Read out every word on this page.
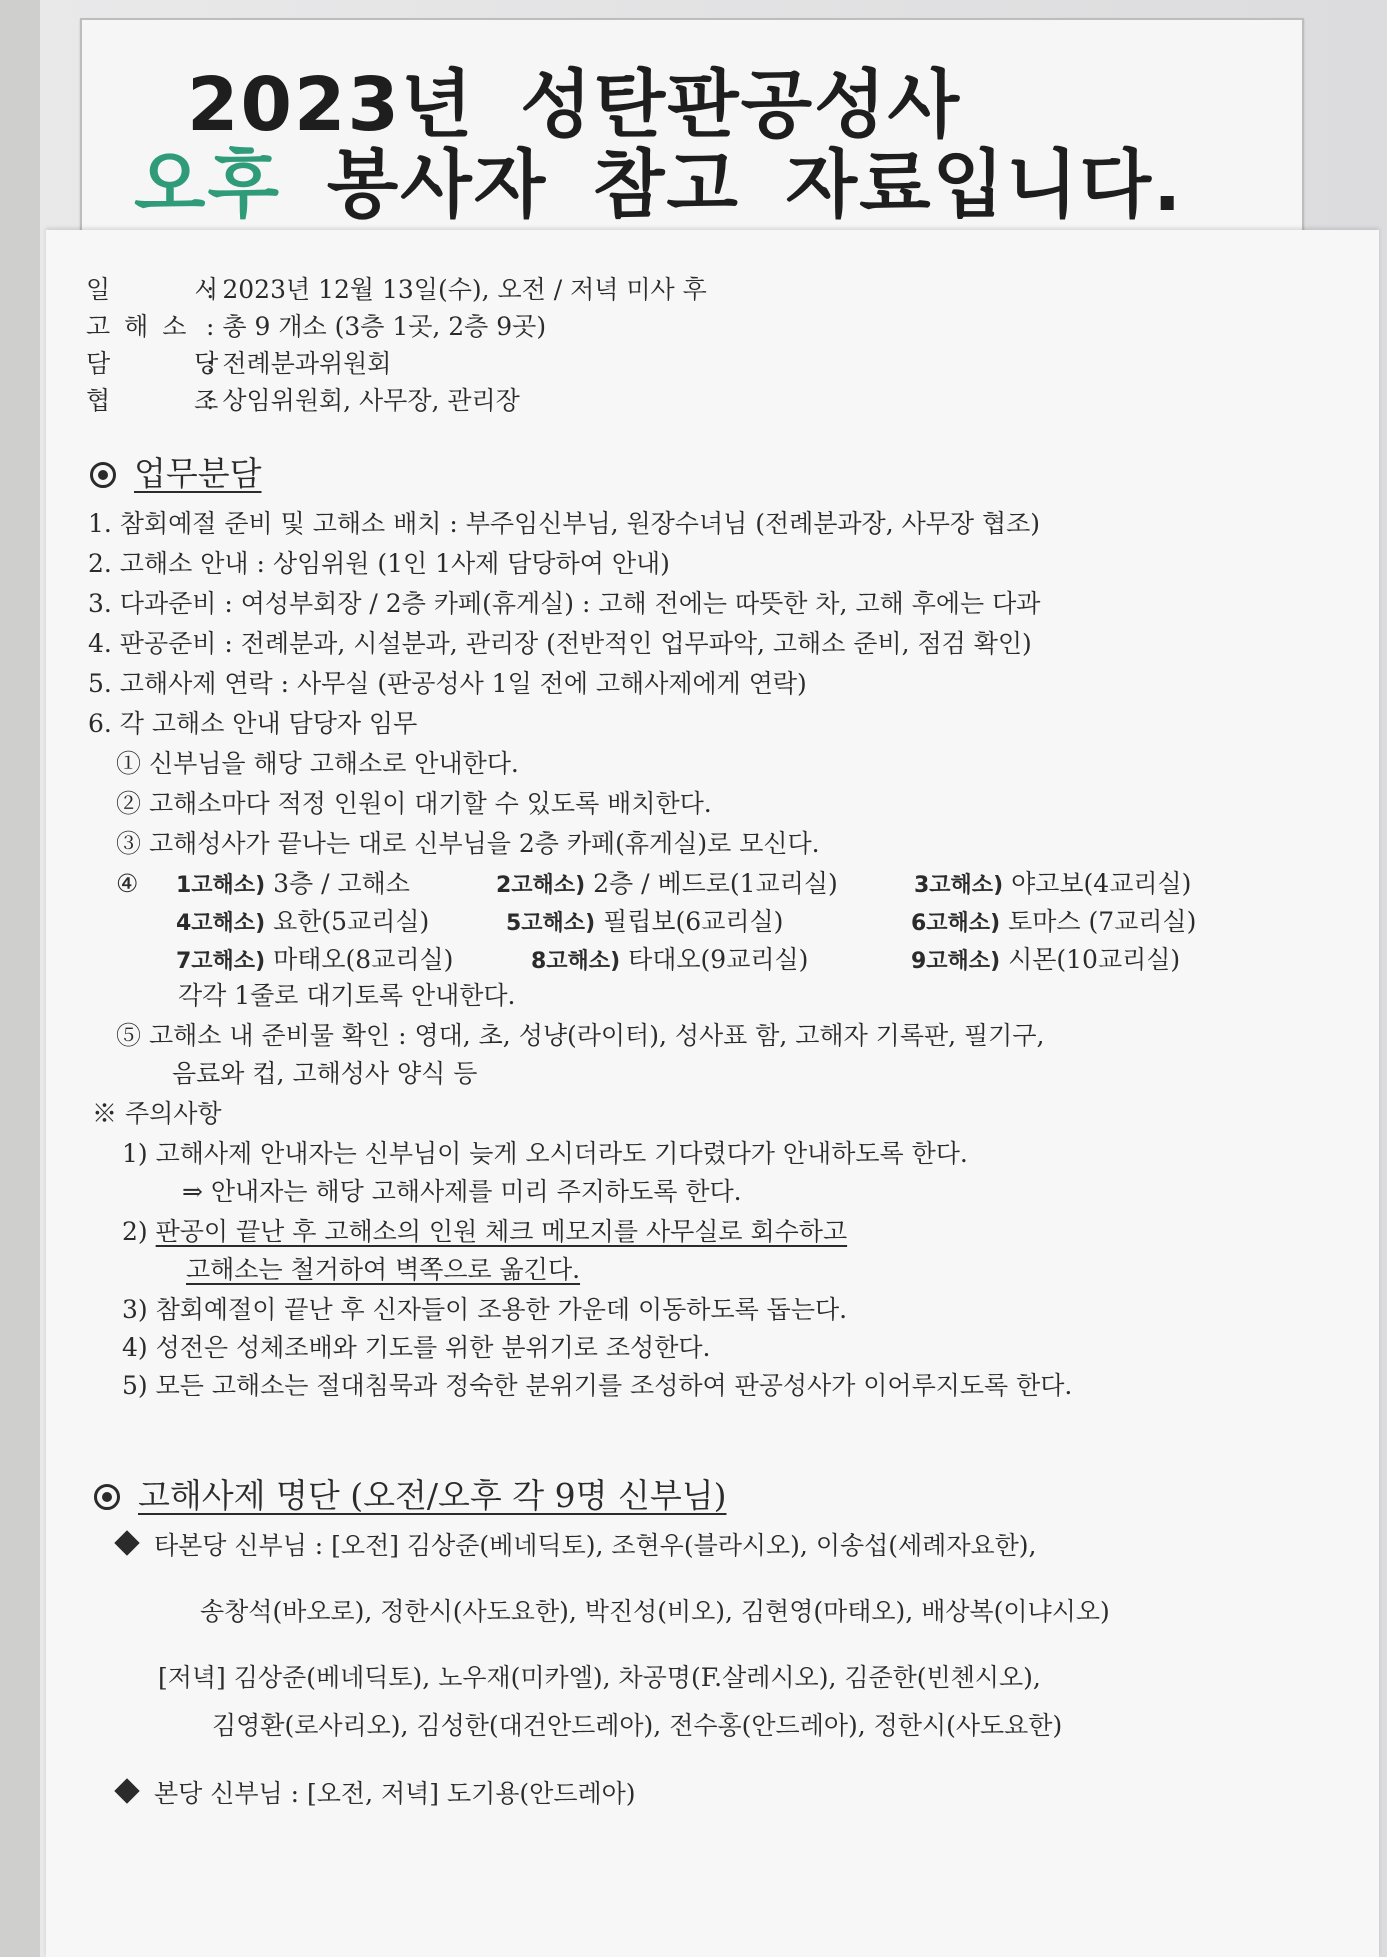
2023년 성탄판공성사
오후 봉사자 참고 자료입니다.
일 시: 2023년 12월 13일(수), 오전 / 저녁 미사 후
고해소 : 총 9 개소 (3층 1곳, 2층 9곳)
담 당: 전례분과위원회
협 조: 상임위원회, 사무장, 관리장
업무분담
1. 참회예절 준비 및 고해소 배치 : 부주임신부님, 원장수녀님 (전례분과장, 사무장 협조)
2. 고해소 안내 : 상임위원 (1인 1사제 담당하여 안내)
3. 다과준비 : 여성부회장 / 2층 카페(휴게실) : 고해 전에는 따뜻한 차, 고해 후에는 다과
4. 판공준비 : 전례분과, 시설분과, 관리장 (전반적인 업무파악, 고해소 준비, 점검 확인)
5. 고해사제 연락 : 사무실 (판공성사 1일 전에 고해사제에게 연락)
6. 각 고해소 안내 담당자 임무
① 신부님을 해당 고해소로 안내한다.
② 고해소마다 적정 인원이 대기할 수 있도록 배치한다.
③ 고해성사가 끝나는 대로 신부님을 2층 카페(휴게실)로 모신다.
④ 1고해소) 3층 / 고해소	2고해소) 2층 / 베드로(1교리실)	3고해소) 야고보(4교리실)
4고해소) 요한(5교리실)	5고해소) 필립보(6교리실)	6고해소) 토마스 (7교리실)
7고해소) 마태오(8교리실)	8고해소) 타대오(9교리실)	9고해소) 시몬(10교리실)
각각 1줄로 대기토록 안내한다.
⑤ 고해소 내 준비물 확인 : 영대, 초, 성냥(라이터), 성사표 함, 고해자 기록판, 필기구,
음료와 컵, 고해성사 양식 등
※ 주의사항
1) 고해사제 안내자는 신부님이 늦게 오시더라도 기다렸다가 안내하도록 한다.
⇒ 안내자는 해당 고해사제를 미리 주지하도록 한다.
2) 판공이 끝난 후 고해소의 인원 체크 메모지를 사무실로 회수하고
고해소는 철거하여 벽쪽으로 옮긴다.
3) 참회예절이 끝난 후 신자들이 조용한 가운데 이동하도록 돕는다.
4) 성전은 성체조배와 기도를 위한 분위기로 조성한다.
5) 모든 고해소는 절대침묵과 정숙한 분위기를 조성하여 판공성사가 이어루지도록 한다.
고해사제 명단 (오전/오후 각 9명 신부님)
타본당 신부님 : [오전] 김상준(베네딕토), 조현우(블라시오), 이송섭(세례자요한),
송창석(바오로), 정한시(사도요한), 박진성(비오), 김현영(마태오), 배상복(이냐시오)
[저녁] 김상준(베네딕토), 노우재(미카엘), 차공명(F.살레시오), 김준한(빈첸시오),
김영환(로사리오), 김성한(대건안드레아), 전수홍(안드레아), 정한시(사도요한)
본당 신부님 : [오전, 저녁] 도기용(안드레아)
